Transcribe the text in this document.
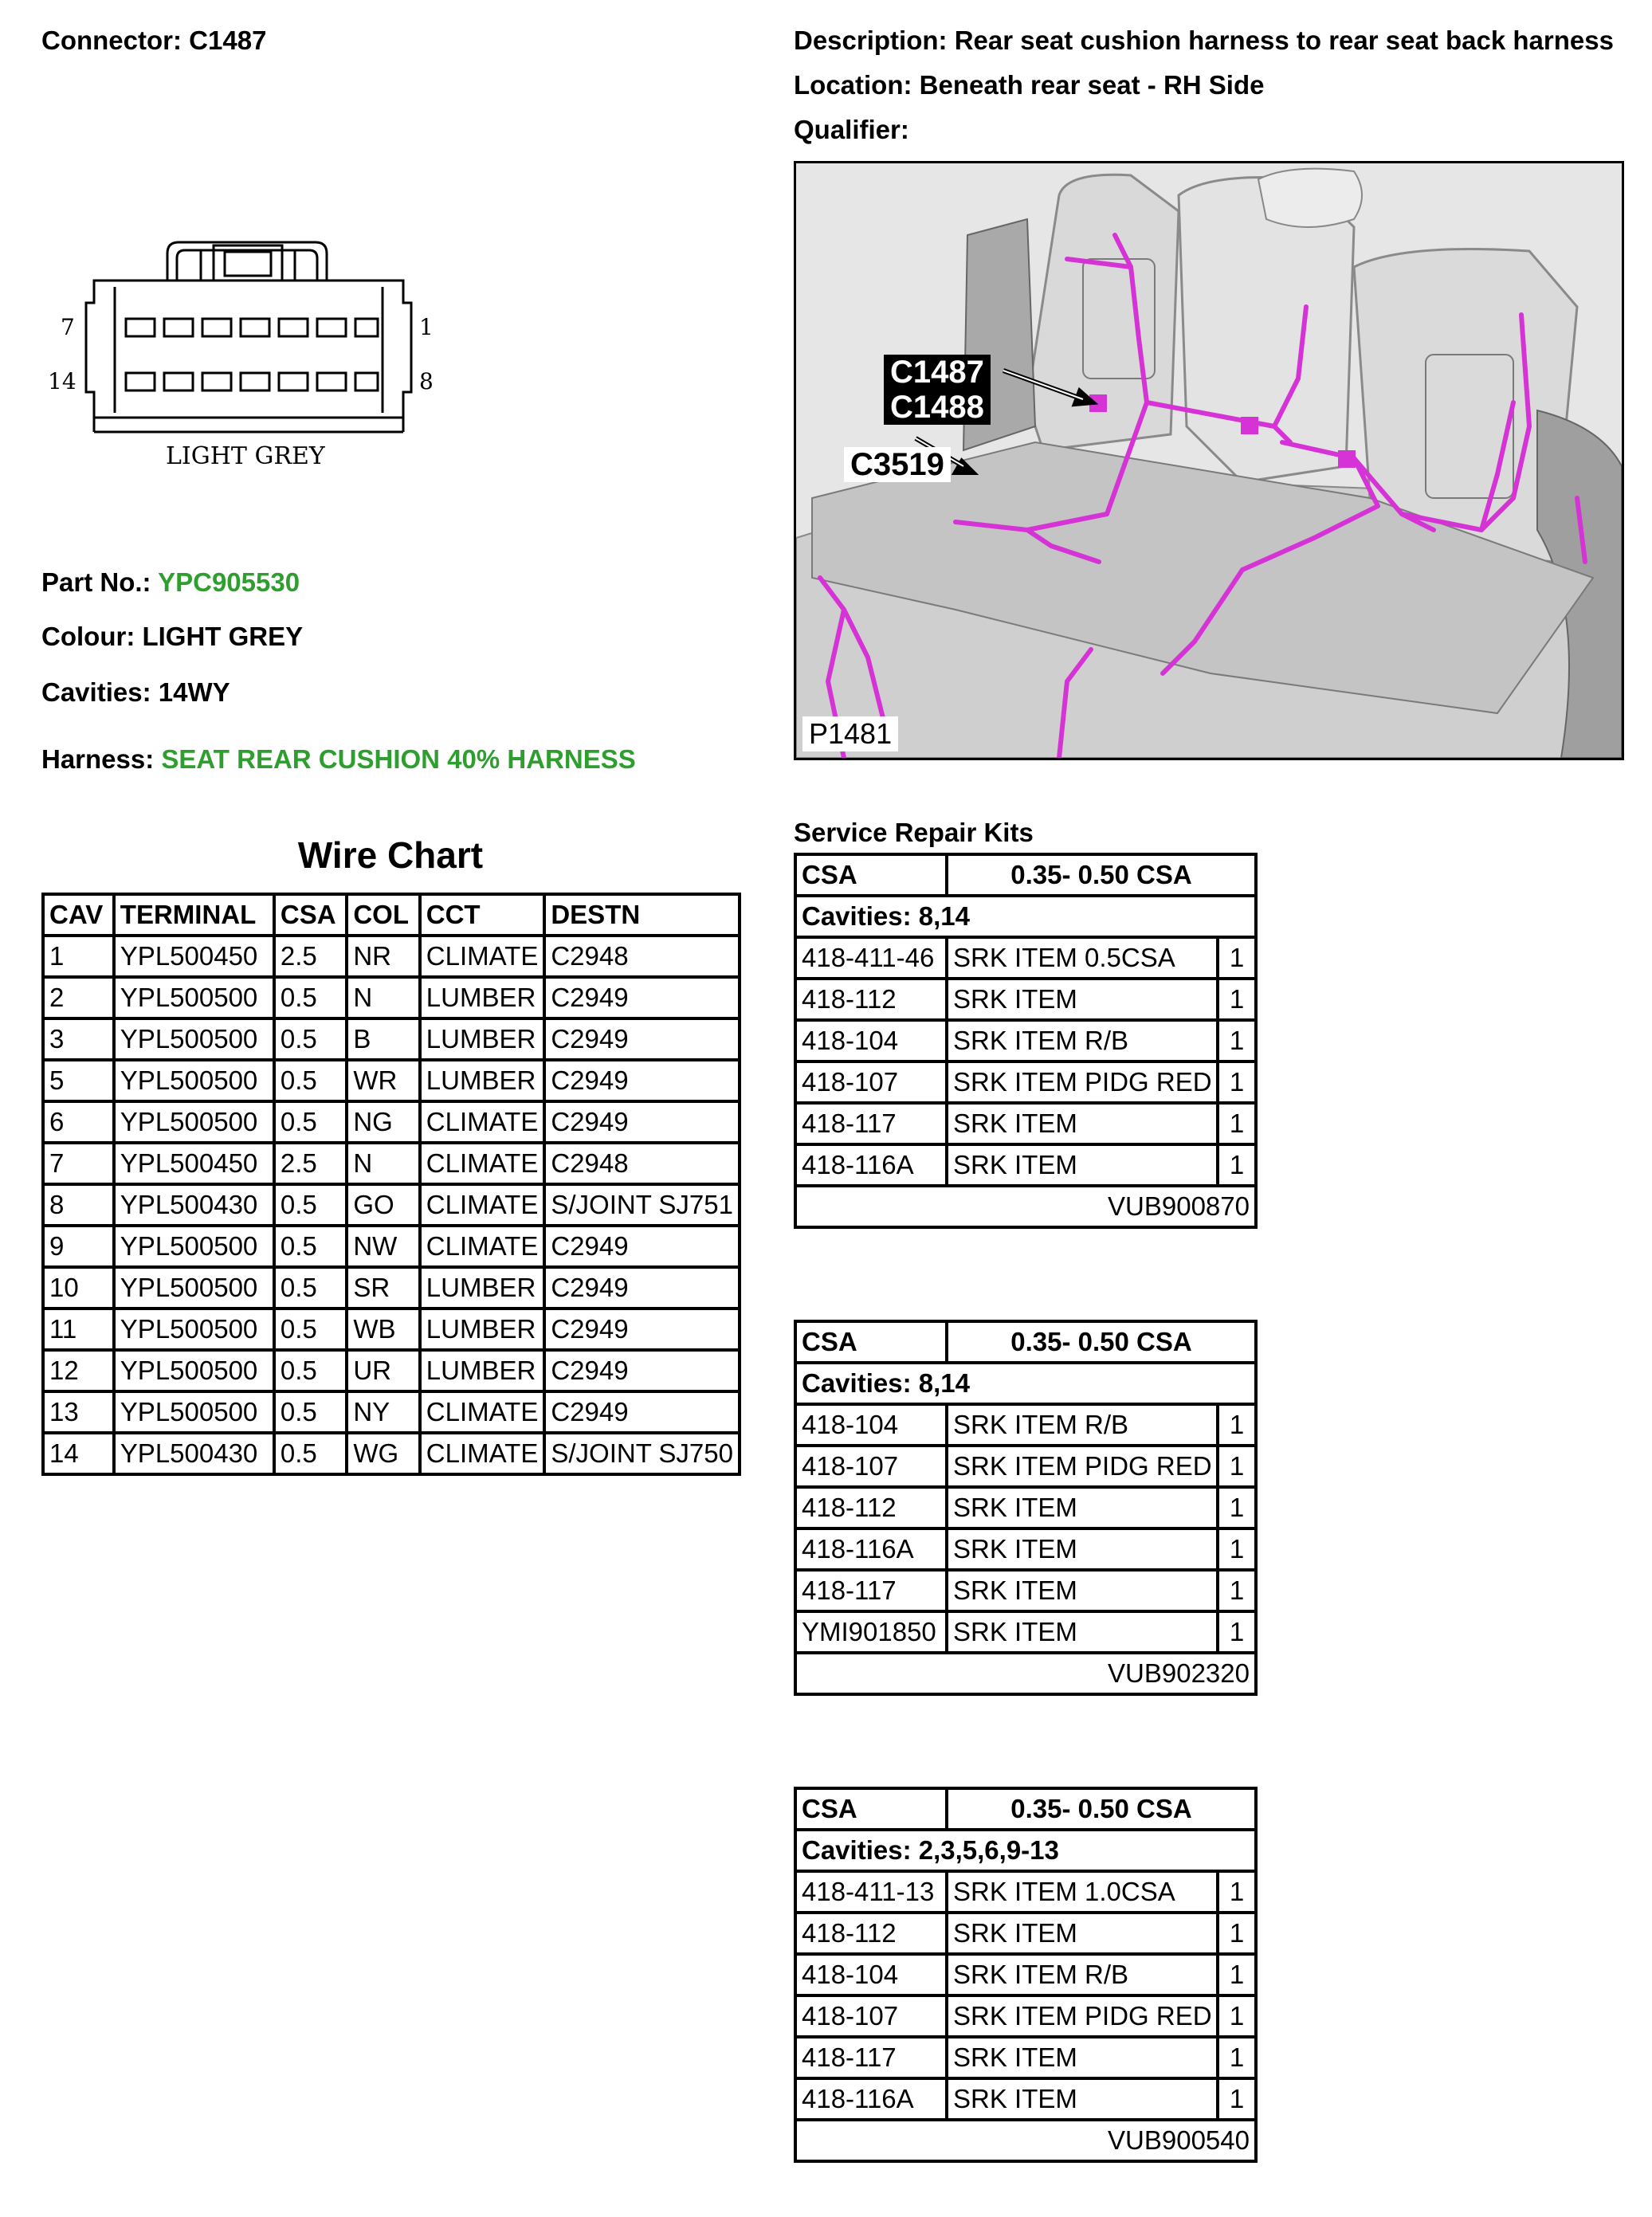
Connector: C1487	Description: Rear seat cushion harness to rear seat back harness
Location: Beneath rear seat - RH Side
Qualifier:
7	1
14	8
LIGHT GREY
C1487
C1488
C3519
P1481
Part No.: YPC905530
Colour: LIGHT GREY
Cavities: 14WY
Harness: SEAT REAR CUSHION 40% HARNESS
Wire Chart
CAV	TERMINAL	CSA	COL	CCT	DESTN
1	YPL500450	2.5	NR	CLIMATE	C2948
2	YPL500500	0.5	N	LUMBER	C2949
3	YPL500500	0.5	B	LUMBER	C2949
5	YPL500500	0.5	WR	LUMBER	C2949
6	YPL500500	0.5	NG	CLIMATE	C2949
7	YPL500450	2.5	N	CLIMATE	C2948
8	YPL500430	0.5	GO	CLIMATE	S/JOINT SJ751
9	YPL500500	0.5	NW	CLIMATE	C2949
10	YPL500500	0.5	SR	LUMBER	C2949
11	YPL500500	0.5	WB	LUMBER	C2949
12	YPL500500	0.5	UR	LUMBER	C2949
13	YPL500500	0.5	NY	CLIMATE	C2949
14	YPL500430	0.5	WG	CLIMATE	S/JOINT SJ750
Service Repair Kits
CSA	0.35- 0.50 CSA	
Cavities: 8,14		
418-411-46	SRK ITEM 0.5CSA	1
418-112	SRK ITEM	1
418-104	SRK ITEM R/B	1
418-107	SRK ITEM PIDG RED	1
418-117	SRK ITEM	1
418-116A	SRK ITEM	1
VUB900870		
CSA	0.35- 0.50 CSA	
Cavities: 8,14		
418-104	SRK ITEM R/B	1
418-107	SRK ITEM PIDG RED	1
418-112	SRK ITEM	1
418-116A	SRK ITEM	1
418-117	SRK ITEM	1
YMI901850	SRK ITEM	1
VUB902320		
CSA	0.35- 0.50 CSA	
Cavities: 2,3,5,6,9-13		
418-411-13	SRK ITEM 1.0CSA	1
418-112	SRK ITEM	1
418-104	SRK ITEM R/B	1
418-107	SRK ITEM PIDG RED	1
418-117	SRK ITEM	1
418-116A	SRK ITEM	1
VUB900540		
